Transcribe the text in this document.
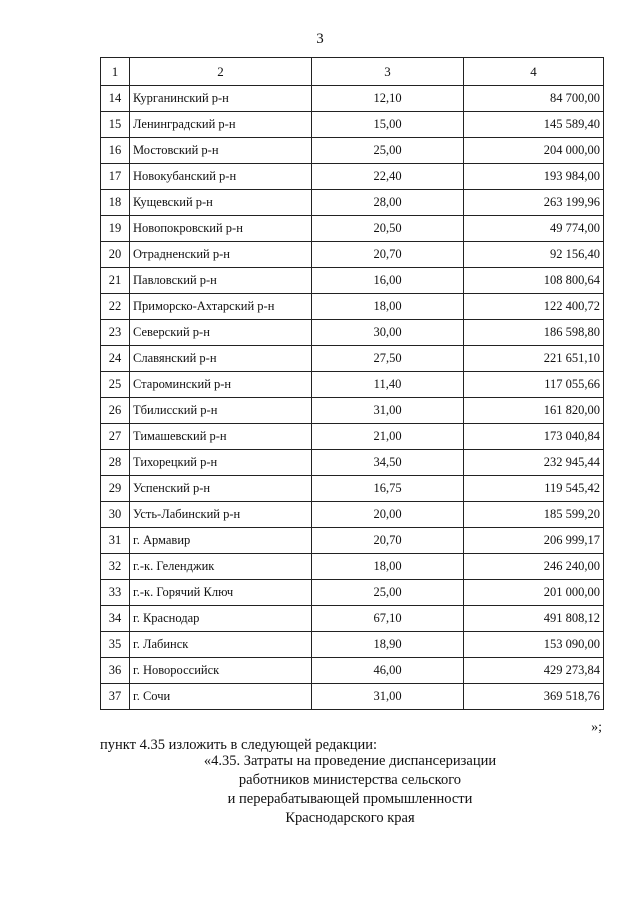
3
1	2	3	4
14	Курганинский р-н	12,10	84 700,00
15	Ленинградский р-н	15,00	145 589,40
16	Мостовский р-н	25,00	204 000,00
17	Новокубанский р-н	22,40	193 984,00
18	Кущевский р-н	28,00	263 199,96
19	Новопокровский р-н	20,50	49 774,00
20	Отрадненский р-н	20,70	92 156,40
21	Павловский р-н	16,00	108 800,64
22	Приморско-Ахтарский р-н	18,00	122 400,72
23	Северский р-н	30,00	186 598,80
24	Славянский р-н	27,50	221 651,10
25	Староминский р-н	11,40	117 055,66
26	Тбилисский р-н	31,00	161 820,00
27	Тимашевский р-н	21,00	173 040,84
28	Тихорецкий р-н	34,50	232 945,44
29	Успенский р-н	16,75	119 545,42
30	Усть-Лабинский р-н	20,00	185 599,20
31	г. Армавир	20,70	206 999,17
32	г.-к. Геленджик	18,00	246 240,00
33	г.-к. Горячий Ключ	25,00	201 000,00
34	г. Краснодар	67,10	491 808,12
35	г. Лабинск	18,90	153 090,00
36	г. Новороссийск	46,00	429 273,84
37	г. Сочи	31,00	369 518,76
»;
пункт 4.35 изложить в следующей редакции:
«4.35. Затраты на проведение диспансеризации
работников министерства сельского
и перерабатывающей промышленности
Краснодарского края
